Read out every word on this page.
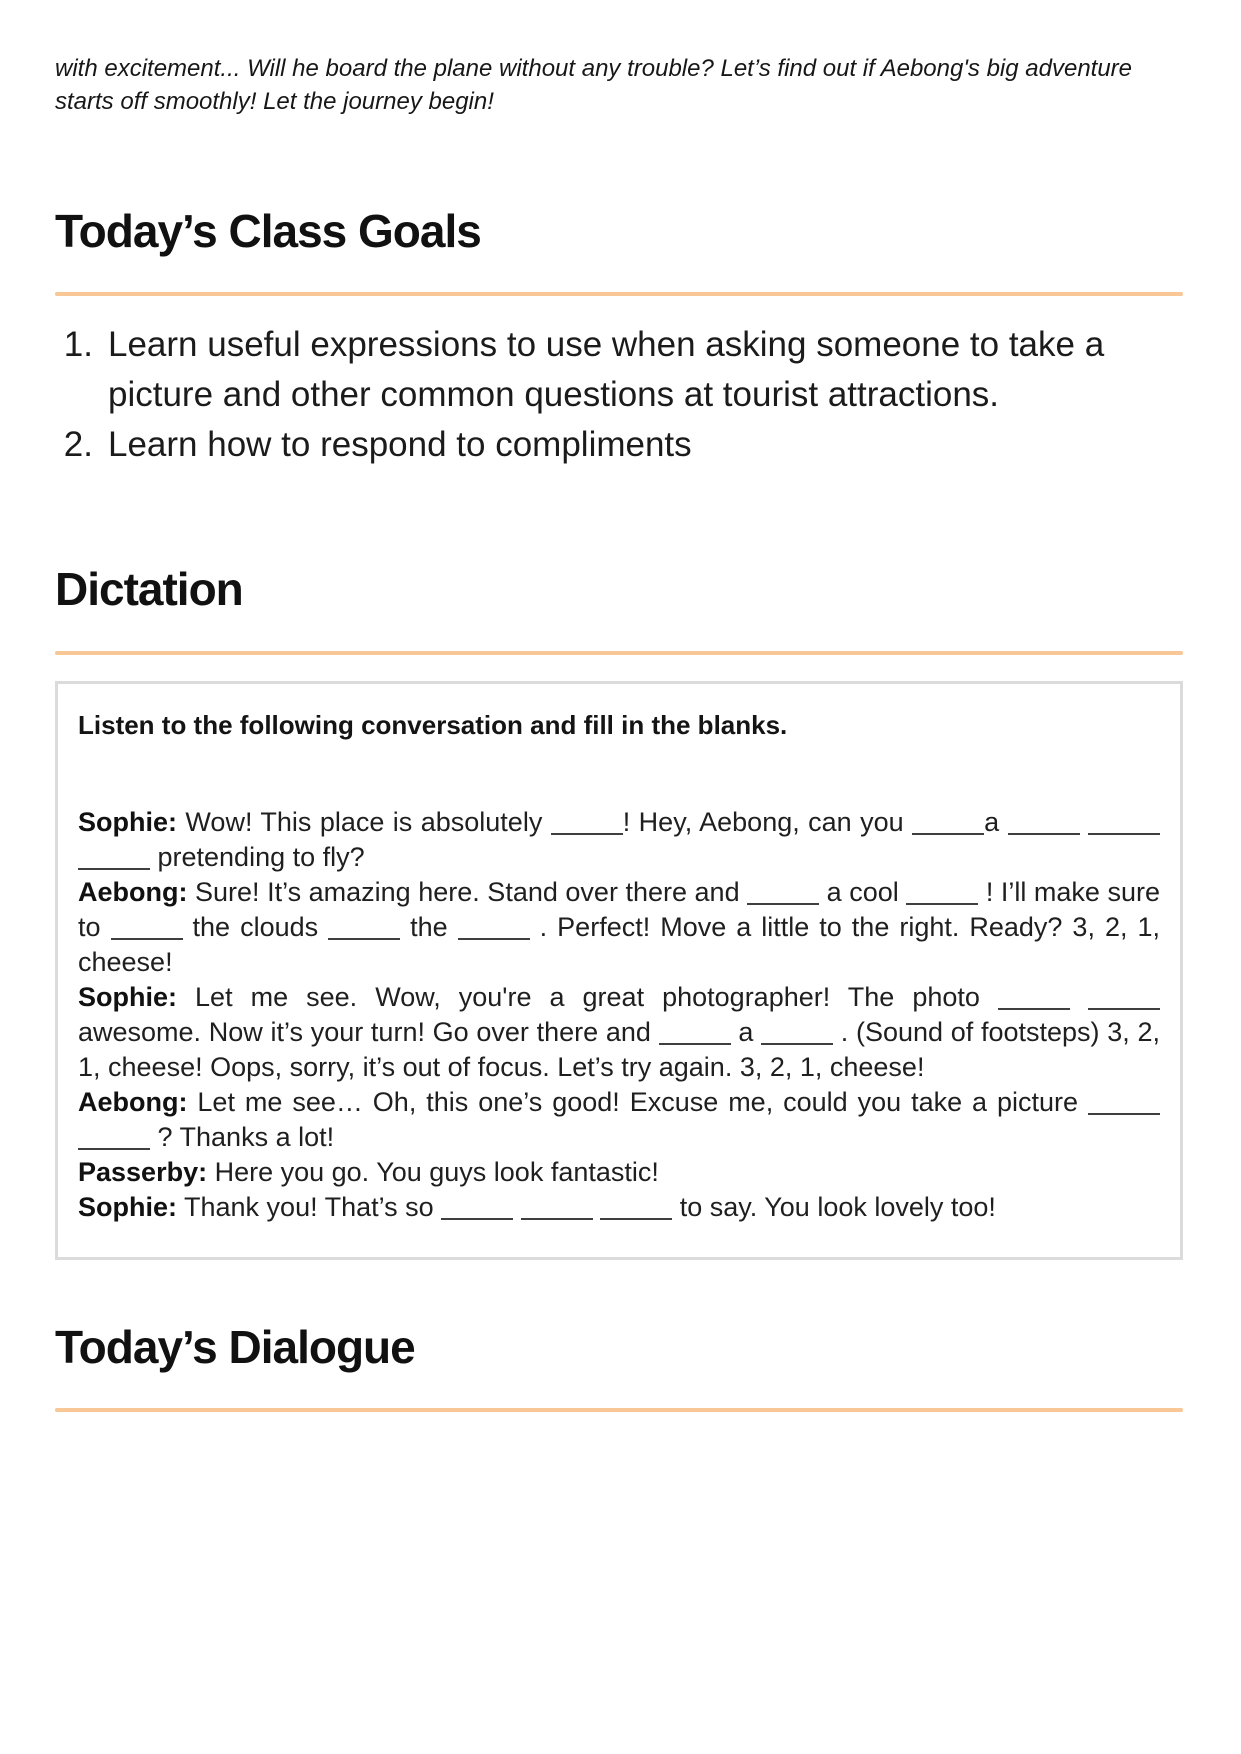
with excitement... Will he board the plane without any trouble? Let’s find out if Aebong's big adventure starts off smoothly! Let the journey begin!

Today’s Class Goals
1. Learn useful expressions to use when asking someone to take a picture and other common questions at tourist attractions.
2. Learn how to respond to compliments
Dictation

Listen to the following conversation and fill in the blanks.

Sophie: Wow! This place is absolutely	! Hey, Aebong, can you	a    pretending to fly?

Aebong: Sure! It’s amazing here. Stand over there and	a cool	! I’ll make sure to	the clouds	the	. Perfect! Move a little to the right. Ready? 3, 2, 1, cheese!

Sophie: Let me see. Wow, you're a great photographer! The photo   awesome. Now it’s your turn! Go over there and	a	. (Sound of footsteps) 3, 2, 1, cheese! Oops, sorry, it’s out of focus. Let’s try again. 3, 2, 1, cheese!

Aebong: Let me see… Oh, this one’s good! Excuse me, could you take a picture   ? Thanks a lot!

Passerby: Here you go. You guys look fantastic!

Sophie: Thank you! That’s so	to say. You look lovely too!

Today’s Dialogue
